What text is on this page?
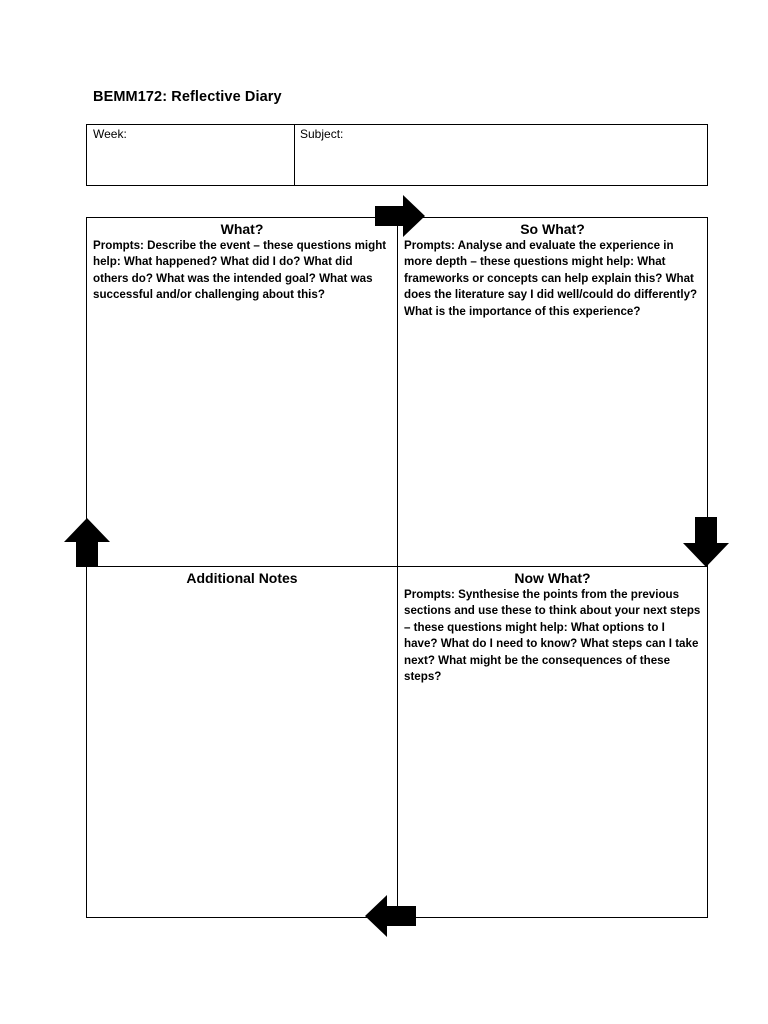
BEMM172: Reflective Diary
Week:	Subject:
What?
Prompts: Describe the event – these questions might help: What happened? What did I do? What did others do? What was the intended goal? What was successful and/or challenging about this?
So What?
Prompts: Analyse and evaluate the experience in more depth – these questions might help: What frameworks or concepts can help explain this? What does the literature say I did well/could do differently? What is the importance of this experience?
Additional Notes	Now What?
Prompts: Synthesise the points from the previous sections and use these to think about your next steps – these questions might help: What options to I have? What do I need to know? What steps can I take next? What might be the consequences of these steps?
